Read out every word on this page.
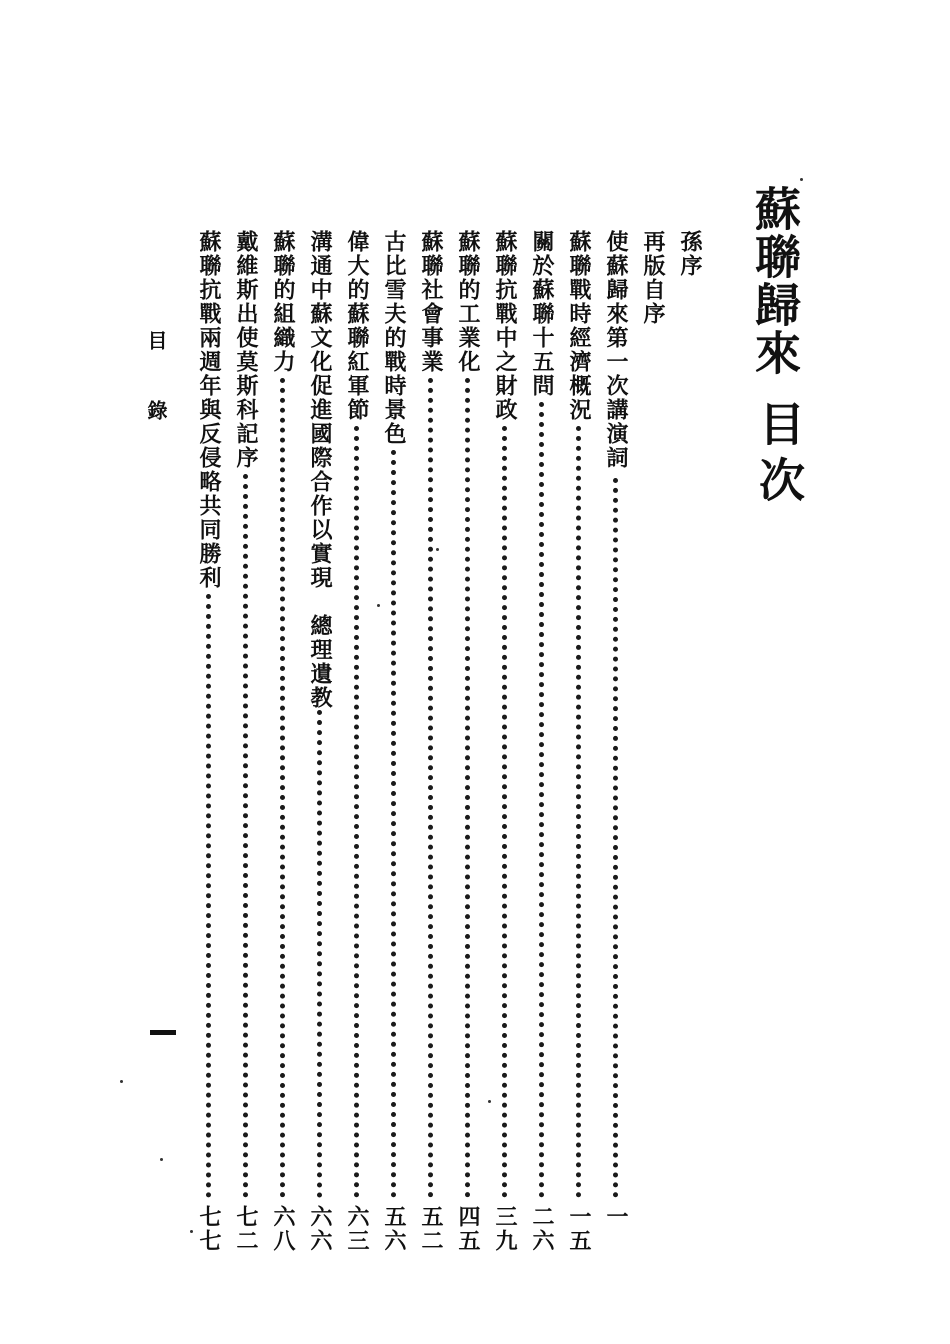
蘇聯歸來
目次
孫序
再版自序
使蘇歸來第一次講演詞
一
蘇聯戰時經濟概況
一五
關於蘇聯十五問
二六
蘇聯抗戰中之財政
三九
蘇聯的工業化
四五
蘇聯社會事業
五二
古比雪夫的戰時景色
五六
偉大的蘇聯紅軍節
六三
溝通中蘇文化促進國際合作以實現　總理遺教
六六
蘇聯的組織力
六八
戴維斯出使莫斯科記序
七二
蘇聯抗戰兩週年與反侵略共同勝利
七七
目錄
